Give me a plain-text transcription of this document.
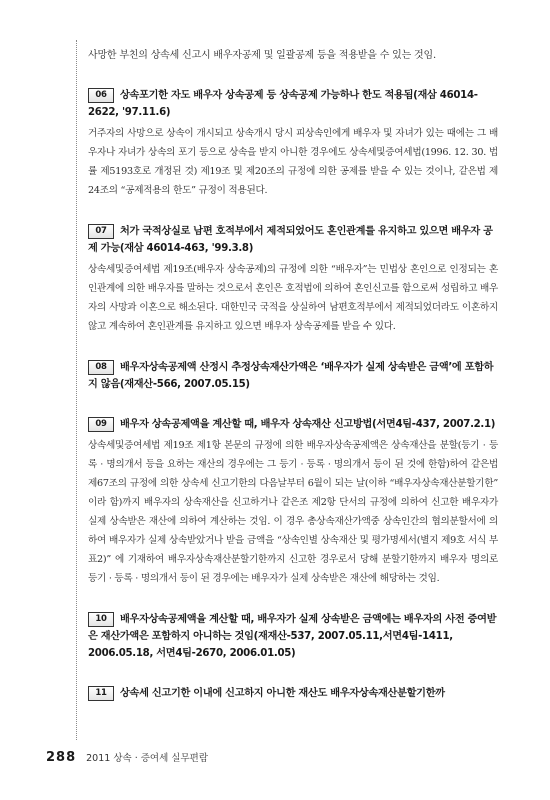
사망한 부친의 상속세 신고시 배우자공제 및 일괄공제 등을 적용받을 수 있는 것임.

06 상속포기한 자도 배우자 상속공제 등 상속공제 가능하나 한도 적용됨(재삼 46014-2622, '97.11.6)

거주자의 사망으로 상속이 개시되고 상속개시 당시 피상속인에게 배우자 및 자녀가 있는 때에는 그 배우자나 자녀가 상속의 포기 등으로 상속을 받지 아니한 경우에도 상속세및증여세법(1996. 12. 30. 법률 제5193호로 개정된 것) 제19조 및 제20조의 규정에 의한 공제를 받을 수 있는 것이나, 같은법 제24조의 “공제적용의 한도” 규정이 적용된다.

07 처가 국적상실로 남편 호적부에서 제적되었어도 혼인관계를 유지하고 있으면 배우자 공제 가능(재삼 46014-463, '99.3.8)

상속세및증여세법 제19조(배우자 상속공제)의 규정에 의한 “배우자”는 민법상 혼인으로 인정되는 혼인관계에 의한 배우자를 말하는 것으로서 혼인은 호적법에 의하여 혼인신고를 함으로써 성립하고 배우자의 사망과 이혼으로 해소된다. 대한민국 국적을 상실하여 남편호적부에서 제적되었더라도 이혼하지 않고 계속하여 혼인관계를 유지하고 있으면 배우자 상속공제를 받을 수 있다.

08 배우자상속공제액 산정시 추정상속재산가액은 ‘배우자가 실제 상속받은 금액’에 포함하지 않음(재재산-566, 2007.05.15)

09 배우자 상속공제액을 계산할 때, 배우자 상속재산 신고방법(서면4팀-437, 2007.2.1)

상속세및증여세법 제19조 제1항 본문의 규정에 의한 배우자상속공제액은 상속재산을 분할(등기 · 등록 · 명의개서 등을 요하는 재산의 경우에는 그 등기 · 등록 · 명의개서 등이 된 것에 한함)하여 같은법 제67조의 규정에 의한 상속세 신고기한의 다음날부터 6월이 되는 날(이하 “배우자상속재산분할기한” 이라 함)까지 배우자의 상속재산을 신고하거나 같은조 제2항 단서의 규정에 의하여 신고한 배우자가 실제 상속받은 재산에 의하여 계산하는 것임. 이 경우 총상속재산가액중 상속인간의 협의분할서에 의하여 배우자가 실제 상속받았거나 받을 금액을 “상속인별 상속재산 및 평가명세서(별지 제9호 서식 부표2)” 에 기재하여 배우자상속재산분할기한까지 신고한 경우로서 당해 분할기한까지 배우자 명의로 등기 · 등록 · 명의개서 등이 된 경우에는 배우자가 실제 상속받은 재산에 해당하는 것임.

10 배우자상속공제액을 계산할 때, 배우자가 실제 상속받은 금액에는 배우자의 사전 증여받은 재산가액은 포함하지 아니하는 것임(재재산-537, 2007.05.11,서면4팀-1411, 2006.05.18, 서면4팀-2670, 2006.01.05)

11 상속세 신고기한 이내에 신고하지 아니한 재산도 배우자상속재산분할기한까

288 2011 상속 · 증여세 실무편람
